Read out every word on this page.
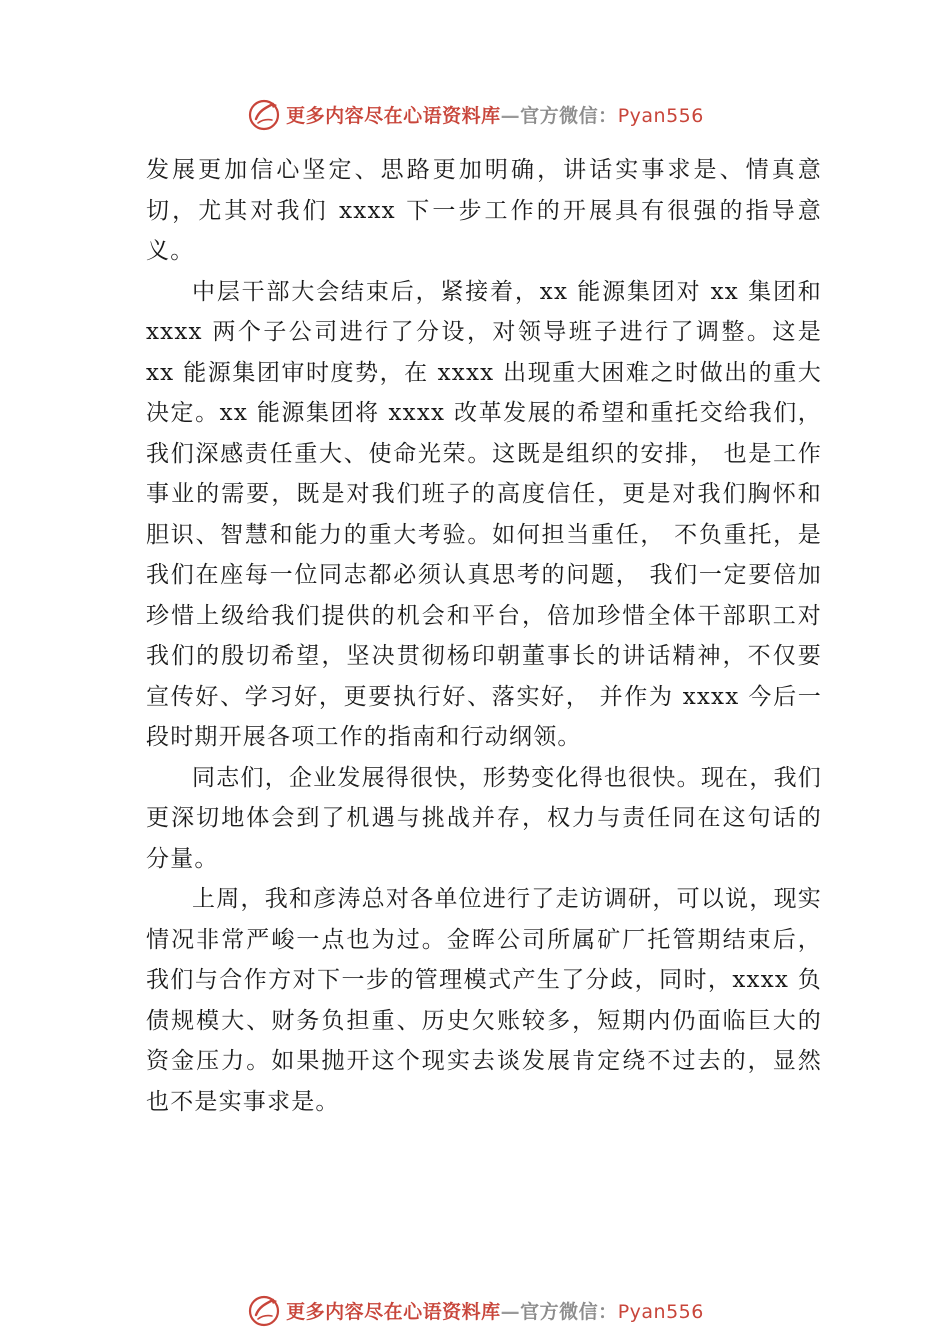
更多内容尽在心语资料库—官方微信：Pyan556

发展更加信心坚定、思路更加明确，讲话实事求是、情真意切，尤其对我们 xxxx 下一步工作的开展具有很强的指导意义。

中层干部大会结束后，紧接着，xx 能源集团对 xx 集团和 xxxx 两个子公司进行了分设，对领导班子进行了调整。这是 xx 能源集团审时度势，在 xxxx 出现重大困难之时做出的重大决定。xx 能源集团将 xxxx 改革发展的希望和重托交给我们，我们深感责任重大、使命光荣。这既是组织的安排， 也是工作事业的需要，既是对我们班子的高度信任，更是对我们胸怀和胆识、智慧和能力的重大考验。如何担当重任， 不负重托，是我们在座每一位同志都必须认真思考的问题， 我们一定要倍加珍惜上级给我们提供的机会和平台，倍加珍惜全体干部职工对我们的殷切希望，坚决贯彻杨印朝董事长的讲话精神，不仅要宣传好、学习好，更要执行好、落实好， 并作为 xxxx 今后一段时期开展各项工作的指南和行动纲领。

同志们，企业发展得很快，形势变化得也很快。现在，我们更深切地体会到了机遇与挑战并存，权力与责任同在这句话的分量。

上周，我和彦涛总对各单位进行了走访调研，可以说，现实情况非常严峻一点也为过。金晖公司所属矿厂托管期结束后，我们与合作方对下一步的管理模式产生了分歧，同时，xxxx 负债规模大、财务负担重、历史欠账较多，短期内仍面临巨大的资金压力。如果抛开这个现实去谈发展肯定绕不过去的，显然也不是实事求是。

更多内容尽在心语资料库—官方微信：Pyan556
